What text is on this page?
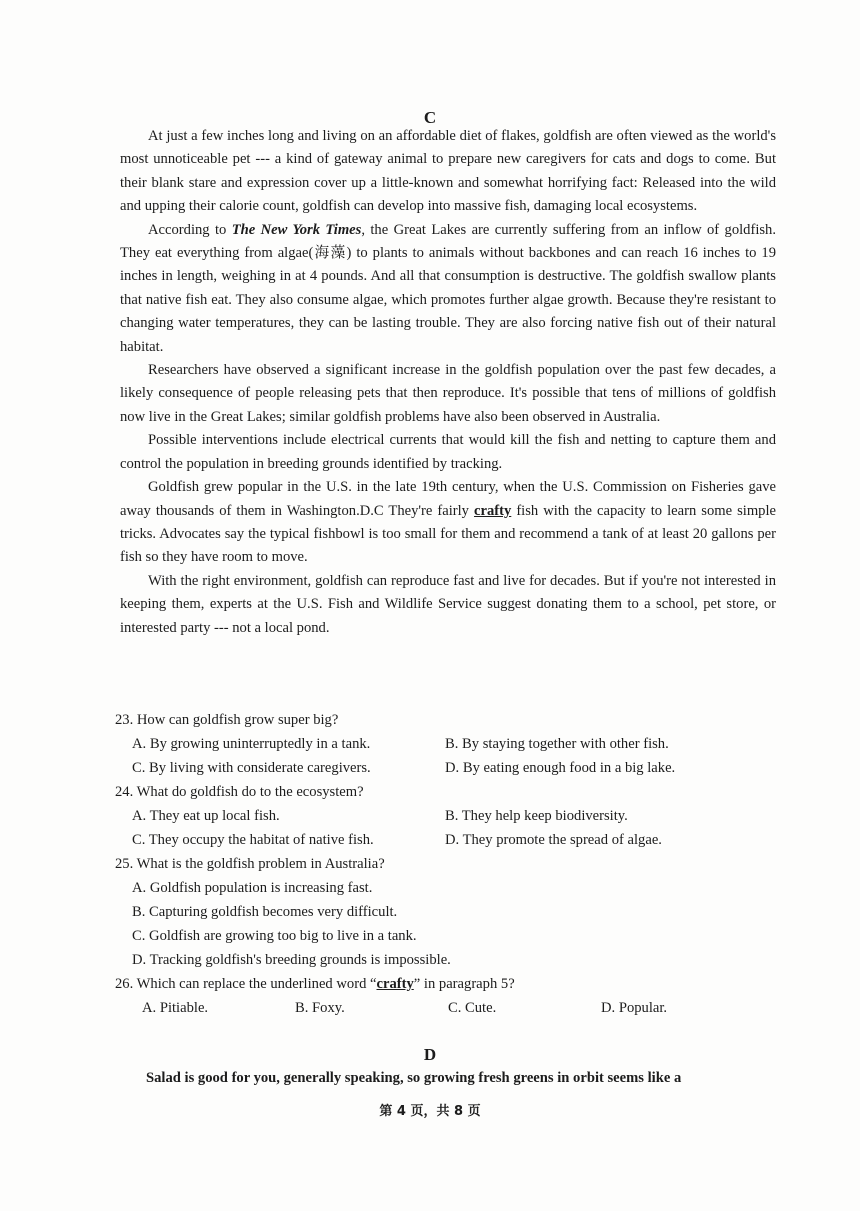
C

At just a few inches long and living on an affordable diet of flakes, goldfish are often viewed as the world's most unnoticeable pet --- a kind of gateway animal to prepare new caregivers for cats and dogs to come. But their blank stare and expression cover up a little-known and somewhat horrifying fact: Released into the wild and upping their calorie count, goldfish can develop into massive fish, damaging local ecosystems.

According to The New York Times, the Great Lakes are currently suffering from an inflow of goldfish. They eat everything from algae(海藻) to plants to animals without backbones and can reach 16 inches to 19 inches in length, weighing in at 4 pounds. And all that consumption is destructive. The goldfish swallow plants that native fish eat. They also consume algae, which promotes further algae growth. Because they're resistant to changing water temperatures, they can be lasting trouble. They are also forcing native fish out of their natural habitat.

Researchers have observed a significant increase in the goldfish population over the past few decades, a likely consequence of people releasing pets that then reproduce. It's possible that tens of millions of goldfish now live in the Great Lakes; similar goldfish problems have also been observed in Australia.

Possible interventions include electrical currents that would kill the fish and netting to capture them and control the population in breeding grounds identified by tracking.

Goldfish grew popular in the U.S. in the late 19th century, when the U.S. Commission on Fisheries gave away thousands of them in Washington.D.C They're fairly crafty fish with the capacity to learn some simple tricks. Advocates say the typical fishbowl is too small for them and recommend a tank of at least 20 gallons per fish so they have room to move.

With the right environment, goldfish can reproduce fast and live for decades. But if you're not interested in keeping them, experts at the U.S. Fish and Wildlife Service suggest donating them to a school, pet store, or interested party --- not a local pond.

23. How can goldfish grow super big?

A. By growing uninterruptedly in a tank.	B. By staying together with other fish.
C. By living with considerate caregivers.	D. By eating enough food in a big lake.

24. What do goldfish do to the ecosystem?

A. They eat up local fish.	B. They help keep biodiversity.
C. They occupy the habitat of native fish.	D. They promote the spread of algae.

25. What is the goldfish problem in Australia?

A. Goldfish population is increasing fast.
B. Capturing goldfish becomes very difficult.
C. Goldfish are growing too big to live in a tank.
D. Tracking goldfish's breeding grounds is impossible.

26. Which can replace the underlined word “crafty” in paragraph 5?

A. Pitiable.	B. Foxy.	C. Cute.	D. Popular.
D
Salad is good for you, generally speaking, so growing fresh greens in orbit seems like a
第 4 页，共 8 页
